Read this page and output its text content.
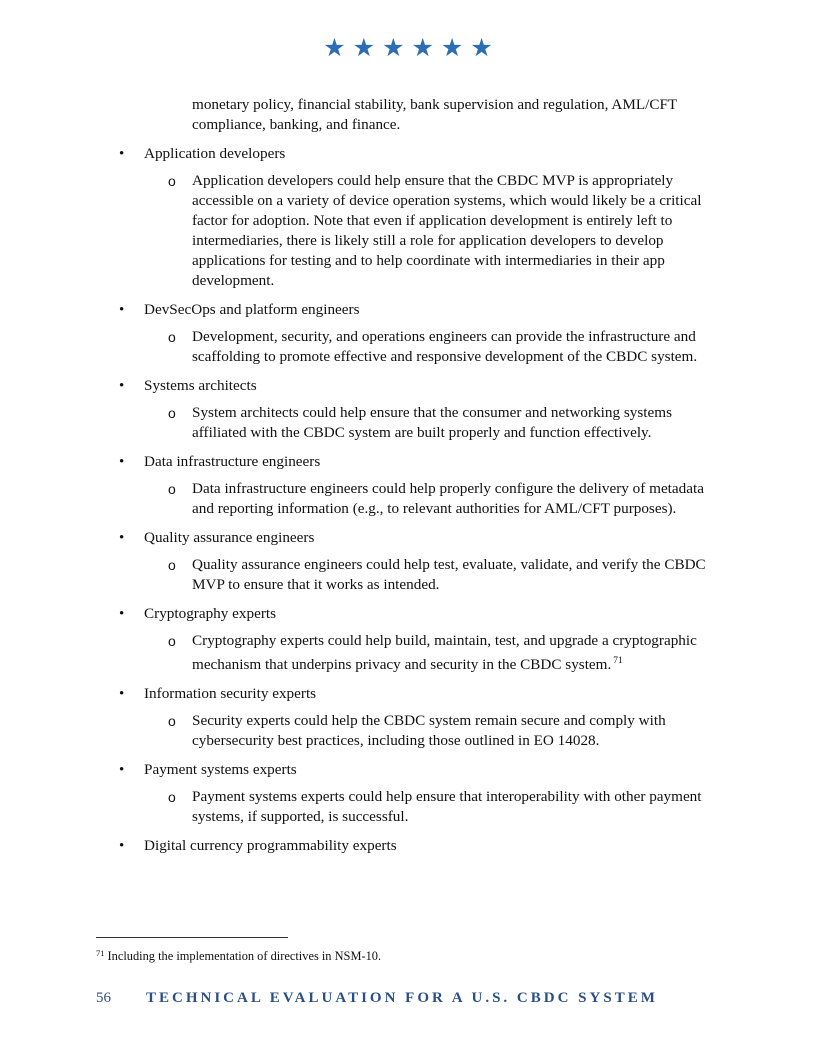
★ ★ ★ ★ ★ ★

monetary policy, financial stability, bank supervision and regulation, AML/CFT compliance, banking, and finance.

• Application developers
o Application developers could help ensure that the CBDC MVP is appropriately accessible on a variety of device operation systems, which would likely be a critical factor for adoption. Note that even if application development is entirely left to intermediaries, there is likely still a role for application developers to develop applications for testing and to help coordinate with intermediaries in their app development.
• DevSecOps and platform engineers
o Development, security, and operations engineers can provide the infrastructure and scaffolding to promote effective and responsive development of the CBDC system.
• Systems architects
o System architects could help ensure that the consumer and networking systems affiliated with the CBDC system are built properly and function effectively.
• Data infrastructure engineers
o Data infrastructure engineers could help properly configure the delivery of metadata and reporting information (e.g., to relevant authorities for AML/CFT purposes).
• Quality assurance engineers
o Quality assurance engineers could help test, evaluate, validate, and verify the CBDC MVP to ensure that it works as intended.
• Cryptography experts
o Cryptography experts could help build, maintain, test, and upgrade a cryptographic mechanism that underpins privacy and security in the CBDC system. $^{71}$
• Information security experts
o Security experts could help the CBDC system remain secure and comply with cybersecurity best practices, including those outlined in EO 14028.
• Payment systems experts
o Payment systems experts could help ensure that interoperability with other payment systems, if supported, is successful.
• Digital currency programmability experts

$^{71}$ Including the implementation of directives in NSM-10.

56 TECHNICAL EVALUATION FOR A U.S. CBDC SYSTEM
